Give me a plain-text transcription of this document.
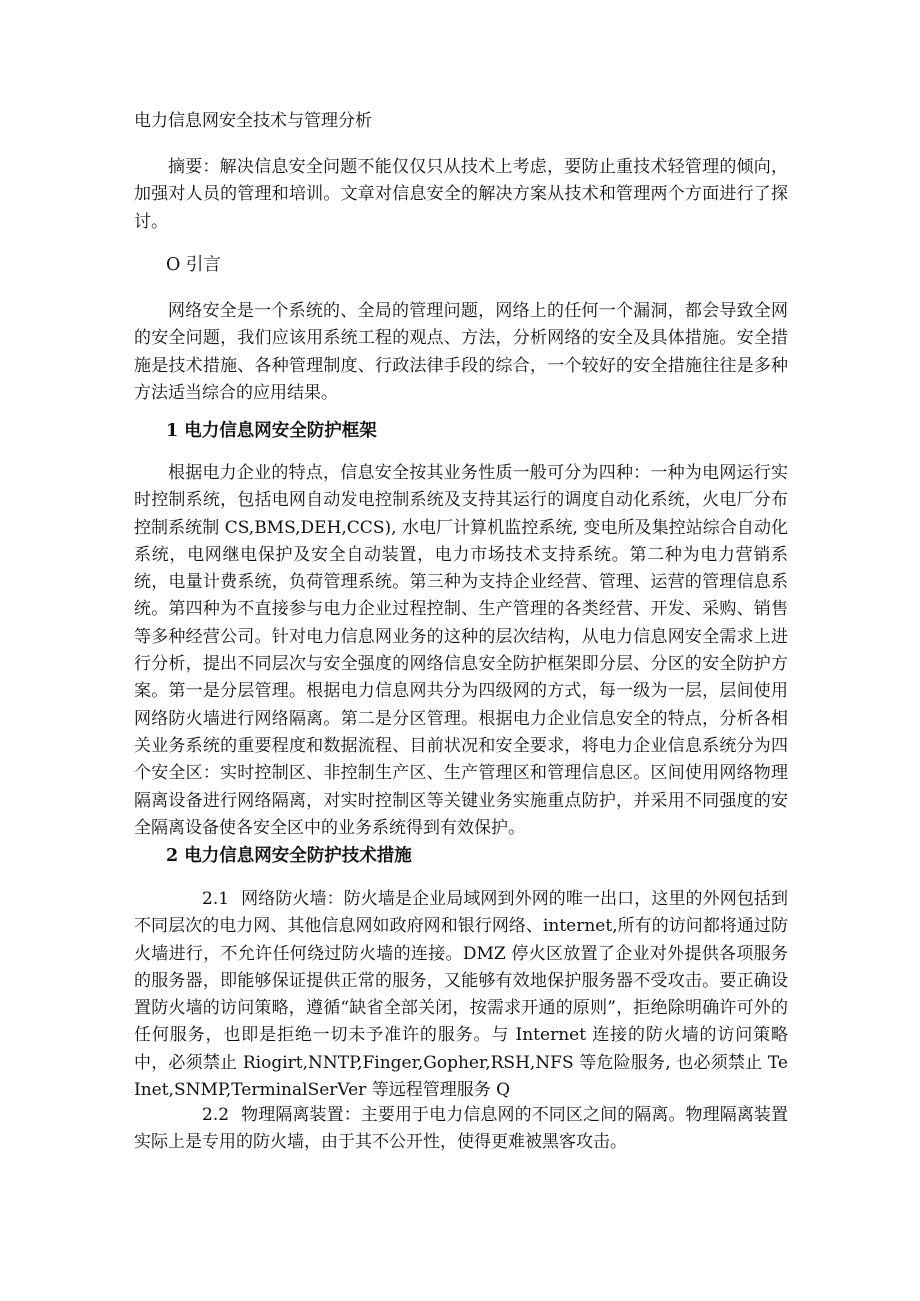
电力信息网安全技术与管理分析
摘要：解决信息安全问题不能仅仅只从技术上考虑，要防止重技术轻管理的倾向，加强对人员的管理和培训。文章对信息安全的解决方案从技术和管理两个方面进行了探讨。
O 引言
网络安全是一个系统的、全局的管理问题，网络上的任何一个漏洞，都会导致全网的安全问题，我们应该用系统工程的观点、方法，分析网络的安全及具体措施。安全措施是技术措施、各种管理制度、行政法律手段的综合，一个较好的安全措施往往是多种方法适当综合的应用结果。
1 电力信息网安全防护框架
根据电力企业的特点，信息安全按其业务性质一般可分为四种：一种为电网运行实时控制系统，包括电网自动发电控制系统及支持其运行的调度自动化系统，火电厂分布控制系统制 CS,BMS,DEH,CCS), 水电厂计算机监控系统, 变电所及集控站综合自动化系统，电网继电保护及安全自动装置，电力市场技术支持系统。第二种为电力营销系统，电量计费系统，负荷管理系统。第三种为支持企业经营、管理、运营的管理信息系统。第四种为不直接参与电力企业过程控制、生产管理的各类经营、开发、采购、销售等多种经营公司。针对电力信息网业务的这种的层次结构，从电力信息网安全需求上进行分析，提出不同层次与安全强度的网络信息安全防护框架即分层、分区的安全防护方案。第一是分层管理。根据电力信息网共分为四级网的方式，每一级为一层，层间使用网络防火墙进行网络隔离。第二是分区管理。根据电力企业信息安全的特点，分析各相关业务系统的重要程度和数据流程、目前状况和安全要求，将电力企业信息系统分为四个安全区：实时控制区、非控制生产区、生产管理区和管理信息区。区间使用网络物理隔离设备进行网络隔离，对实时控制区等关键业务实施重点防护，并采用不同强度的安全隔离设备使各安全区中的业务系统得到有效保护。
2 电力信息网安全防护技术措施
2.1 网络防火墙：防火墙是企业局域网到外网的唯一出口，这里的外网包括到不同层次的电力网、其他信息网如政府网和银行网络、internet,所有的访问都将通过防火墙进行，不允许任何绕过防火墙的连接。DMZ 停火区放置了企业对外提供各项服务的服务器，即能够保证提供正常的服务，又能够有效地保护服务器不受攻击。要正确设置防火墙的访问策略，遵循“缺省全部关闭，按需求开通的原则”，拒绝除明确许可外的任何服务，也即是拒绝一切未予准许的服务。与 Internet 连接的防火墙的访问策略中，必须禁止 Riogirt,NNTP,Finger,Gopher,RSH,NFS 等危险服务, 也必须禁止 TeInet,SNMP,TerminalSerVer 等远程管理服务 Q
2.2 物理隔离装置：主要用于电力信息网的不同区之间的隔离。物理隔离装置实际上是专用的防火墙，由于其不公开性，使得更难被黑客攻击。
